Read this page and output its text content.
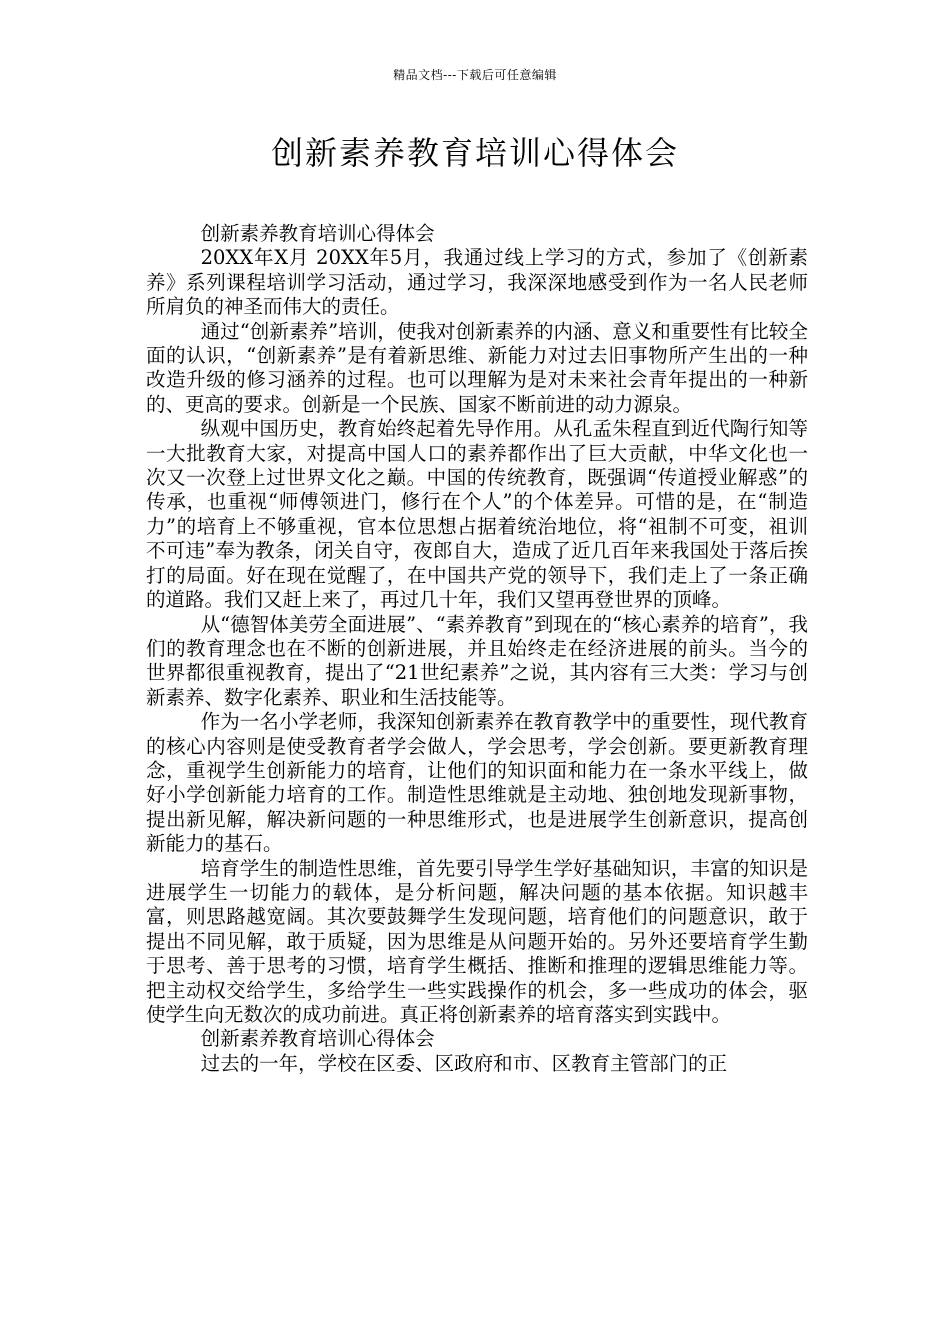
精品文档---下载后可任意编辑
创新素养教育培训心得体会

创新素养教育培训心得体会

20XX年X月 20XX年5月，我通过线上学习的方式，参加了《创新素养》系列课程培训学习活动，通过学习，我深深地感受到作为一名人民老师所肩负的神圣而伟大的责任。

通过“创新素养”培训，使我对创新素养的内涵、意义和重要性有比较全面的认识，“创新素养”是有着新思维、新能力对过去旧事物所产生出的一种改造升级的修习涵养的过程。也可以理解为是对未来社会青年提出的一种新的、更高的要求。创新是一个民族、国家不断前进的动力源泉。

纵观中国历史，教育始终起着先导作用。从孔孟朱程直到近代陶行知等一大批教育大家，对提高中国人口的素养都作出了巨大贡献，中华文化也一次又一次登上过世界文化之巅。中国的传统教育，既强调“传道授业解惑”的传承，也重视“师傅领进门，修行在个人”的个体差异。可惜的是，在“制造力”的培育上不够重视，官本位思想占据着统治地位，将“祖制不可变，祖训不可违”奉为教条，闭关自守，夜郎自大，造成了近几百年来我国处于落后挨打的局面。好在现在觉醒了，在中国共产党的领导下，我们走上了一条正确的道路。我们又赶上来了，再过几十年，我们又望再登世界的顶峰。

从“德智体美劳全面进展”、“素养教育”到现在的“核心素养的培育”，我们的教育理念也在不断的创新进展，并且始终走在经济进展的前头。当今的世界都很重视教育，提出了“21世纪素养”之说，其内容有三大类：学习与创新素养、数字化素养、职业和生活技能等。

作为一名小学老师，我深知创新素养在教育教学中的重要性，现代教育的核心内容则是使受教育者学会做人，学会思考，学会创新。要更新教育理念，重视学生创新能力的培育，让他们的知识面和能力在一条水平线上，做好小学创新能力培育的工作。制造性思维就是主动地、独创地发现新事物，提出新见解，解决新问题的一种思维形式，也是进展学生创新意识，提高创新能力的基石。

培育学生的制造性思维，首先要引导学生学好基础知识，丰富的知识是进展学生一切能力的载体，是分析问题，解决问题的基本依据。知识越丰富，则思路越宽阔。其次要鼓舞学生发现问题，培育他们的问题意识，敢于提出不同见解，敢于质疑，因为思维是从问题开始的。另外还要培育学生勤于思考、善于思考的习惯，培育学生概括、推断和推理的逻辑思维能力等。把主动权交给学生，多给学生一些实践操作的机会，多一些成功的体会，驱使学生向无数次的成功前进。真正将创新素养的培育落实到实践中。

创新素养教育培训心得体会

过去的一年，学校在区委、区政府和市、区教育主管部门的正
